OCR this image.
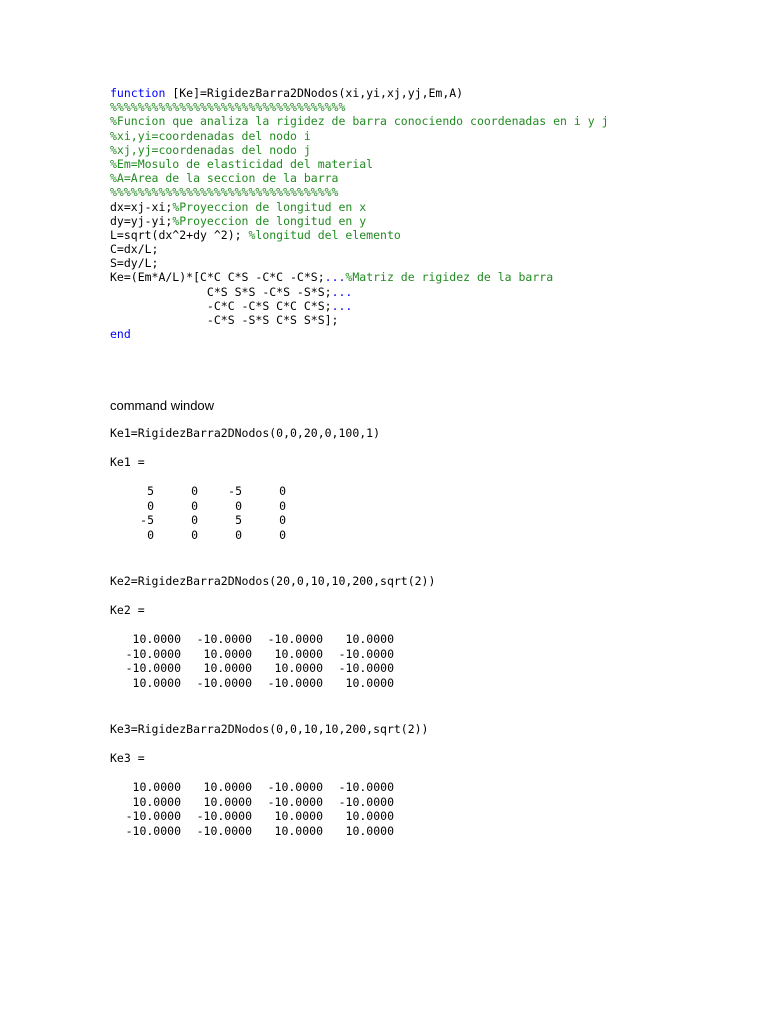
function [Ke]=RigidezBarra2DNodos(xi,yi,xj,yj,Em,A)
%%%%%%%%%%%%%%%%%%%%%%%%%%%%%%%%%%
%Funcion que analiza la rigidez de barra conociendo coordenadas en i y j
%xi,yi=coordenadas del nodo i
%xj,yj=coordenadas del nodo j
%Em=Mosulo de elasticidad del material
%A=Area de la seccion de la barra
%%%%%%%%%%%%%%%%%%%%%%%%%%%%%%%%%
dx=xj-xi;%Proyeccion de longitud en x
dy=yj-yi;%Proyeccion de longitud en y
L=sqrt(dx^2+dy ^2); %longitud del elemento
C=dx/L;
S=dy/L;
Ke=(Em*A/L)*[C*C C*S -C*C -C*S;...%Matriz de rigidez de la barra
C*S S*S -C*S -S*S;...
-C*C -C*S C*C C*S;...
-C*S -S*S C*S S*S];
end
command window
Ke1=RigidezBarra2DNodos(0,0,20,0,100,1)
Ke1 =
5	0	-5	0
0	0	0	0
-5	0	5	0
0	0	0	0
Ke2=RigidezBarra2DNodos(20,0,10,10,200,sqrt(2))
Ke2 =
10.0000 -10.0000 -10.0000 10.0000
-10.0000 10.0000 10.0000 -10.0000
-10.0000 10.0000 10.0000 -10.0000
10.0000 -10.0000 -10.0000 10.0000
Ke3=RigidezBarra2DNodos(0,0,10,10,200,sqrt(2))
Ke3 =
10.0000 10.0000 -10.0000 -10.0000
10.0000 10.0000 -10.0000 -10.0000
-10.0000 -10.0000 10.0000 10.0000
-10.0000 -10.0000 10.0000 10.0000
